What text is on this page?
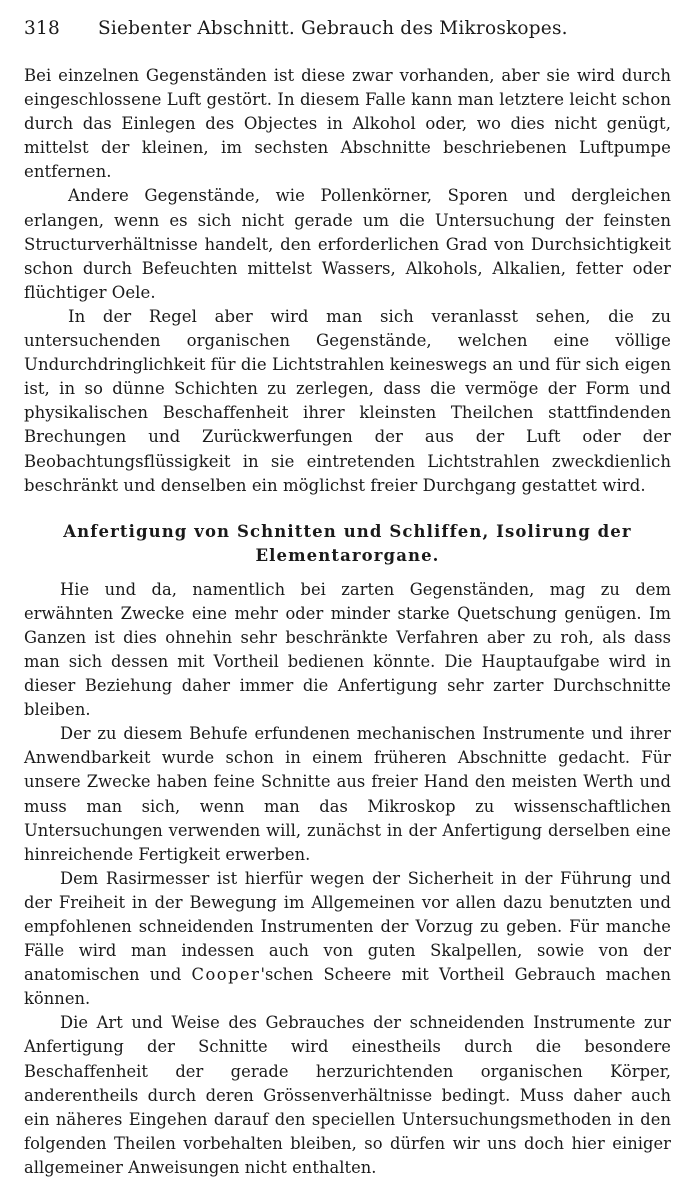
318	Siebenter Abschnitt. Gebrauch des Mikroskopes.

Bei einzelnen Gegenständen ist diese zwar vorhanden, aber sie wird durch eingeschlossene Luft gestört. In diesem Falle kann man letztere leicht schon durch das Einlegen des Objectes in Alkohol oder, wo dies nicht genügt, mittelst der kleinen, im sechsten Abschnitte beschriebenen Luftpumpe entfernen.

Andere Gegenstände, wie Pollenkörner, Sporen und dergleichen erlangen, wenn es sich nicht gerade um die Untersuchung der feinsten Structurverhältnisse handelt, den erforderlichen Grad von Durchsichtigkeit schon durch Befeuchten mittelst Wassers, Alkohols, Alkalien, fetter oder flüchtiger Oele.

In der Regel aber wird man sich veranlasst sehen, die zu untersuchenden organischen Gegenstände, welchen eine völlige Undurchdringlichkeit für die Lichtstrahlen keineswegs an und für sich eigen ist, in so dünne Schichten zu zerlegen, dass die vermöge der Form und physikalischen Beschaffenheit ihrer kleinsten Theilchen stattfindenden Brechungen und Zurückwerfungen der aus der Luft oder der Beobachtungsflüssigkeit in sie eintretenden Lichtstrahlen zweckdienlich beschränkt und denselben ein möglichst freier Durchgang gestattet wird.

Anfertigung von Schnitten und Schliffen, Isolirung der Elementarorgane.

Hie und da, namentlich bei zarten Gegenständen, mag zu dem erwähnten Zwecke eine mehr oder minder starke Quetschung genügen. Im Ganzen ist dies ohnehin sehr beschränkte Verfahren aber zu roh, als dass man sich dessen mit Vortheil bedienen könnte. Die Hauptaufgabe wird in dieser Beziehung daher immer die Anfertigung sehr zarter Durchschnitte bleiben.

Der zu diesem Behufe erfundenen mechanischen Instrumente und ihrer Anwendbarkeit wurde schon in einem früheren Abschnitte gedacht. Für unsere Zwecke haben feine Schnitte aus freier Hand den meisten Werth und muss man sich, wenn man das Mikroskop zu wissenschaftlichen Untersuchungen verwenden will, zunächst in der Anfertigung derselben eine hinreichende Fertigkeit erwerben.

Dem Rasirmesser ist hierfür wegen der Sicherheit in der Führung und der Freiheit in der Bewegung im Allgemeinen vor allen dazu benutzten und empfohlenen schneidenden Instrumenten der Vorzug zu geben. Für manche Fälle wird man indessen auch von guten Skalpellen, sowie von der anatomischen und Cooper'schen Scheere mit Vortheil Gebrauch machen können.

Die Art und Weise des Gebrauches der schneidenden Instrumente zur Anfertigung der Schnitte wird einestheils durch die besondere Beschaffenheit der gerade herzurichtenden organischen Körper, anderentheils durch deren Grössenverhältnisse bedingt. Muss daher auch ein näheres Eingehen darauf den speciellen Untersuchungsmethoden in den folgenden Theilen vorbehalten bleiben, so dürfen wir uns doch hier einiger allgemeiner Anweisungen nicht enthalten.
